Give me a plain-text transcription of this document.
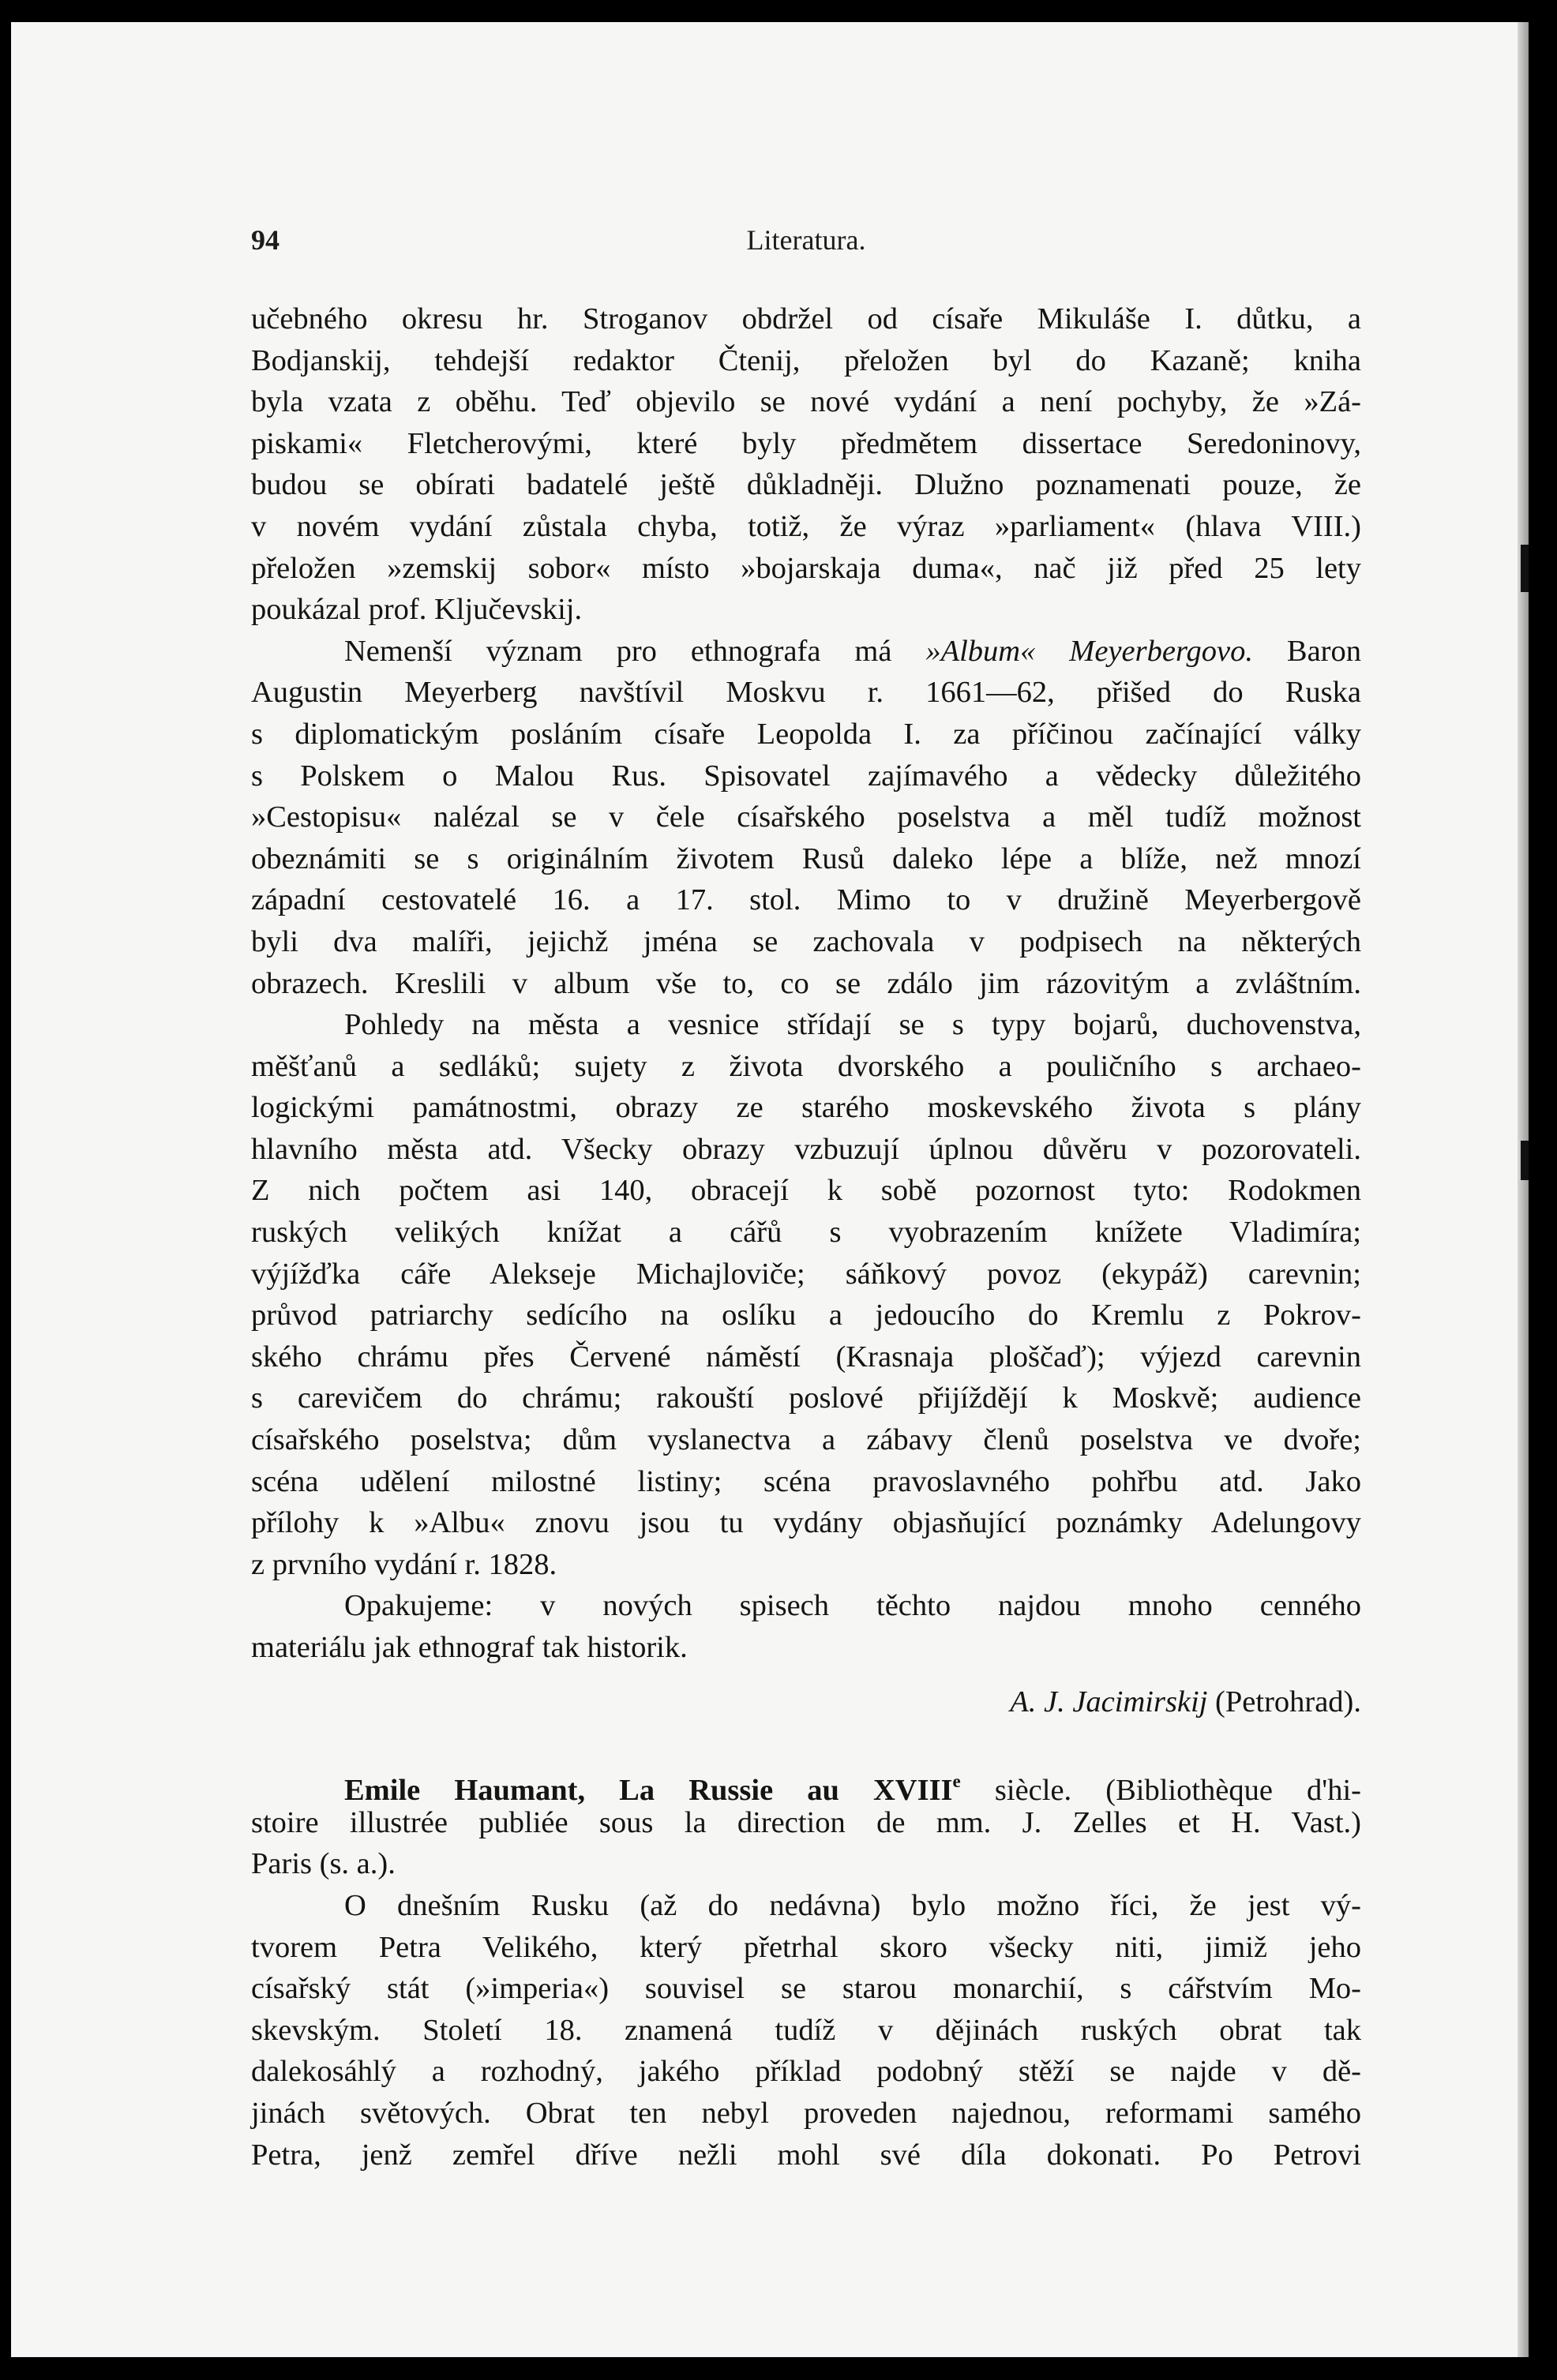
94	Literatura.
učebného okresu hr. Stroganov obdržel od císaře Mikuláše I. důtku, a
Bodjanskij, tehdejší redaktor Čtenij, přeložen byl do Kazaně; kniha
byla vzata z oběhu. Teď objevilo se nové vydání a není pochyby, že »Zá-
piskami« Fletcherovými, které byly předmětem dissertace Seredoninovy,
budou se obírati badatelé ještě důkladněji. Dlužno poznamenati pouze, že
v novém vydání zůstala chyba, totiž, že výraz »parliament« (hlava VIII.)
přeložen »zemskij sobor« místo »bojarskaja duma«, nač již před 25 lety
poukázal prof. Ključevskij.
Nemenší význam pro ethnografa má »Album« Meyerbergovo. Baron
Augustin Meyerberg navštívil Moskvu r. 1661—62, přišed do Ruska
s diplomatickým posláním císaře Leopolda I. za příčinou začínající války
s Polskem o Malou Rus. Spisovatel zajímavého a vědecky důležitého
»Cestopisu« nalézal se v čele císařského poselstva a měl tudíž možnost
obeznámiti se s originálním životem Rusů daleko lépe a blíže, než mnozí
západní cestovatelé 16. a 17. stol. Mimo to v družině Meyerbergově
byli dva malíři, jejichž jména se zachovala v podpisech na některých
obrazech. Kreslili v album vše to, co se zdálo jim rázovitým a zvláštním.
Pohledy na města a vesnice střídají se s typy bojarů, duchovenstva,
měšťanů a sedláků; sujety z života dvorského a pouličního s archaeo-
logickými památnostmi, obrazy ze starého moskevského života s plány
hlavního města atd. Všecky obrazy vzbuzují úplnou důvěru v pozorovateli.
Z nich počtem asi 140, obracejí k sobě pozornost tyto: Rodokmen
ruských velikých knížat a cářů s vyobrazením knížete Vladimíra;
výjížďka cáře Alekseje Michajloviče; sáňkový povoz (ekypáž) carevnin;
průvod patriarchy sedícího na oslíku a jedoucího do Kremlu z Pokrov-
ského chrámu přes Červené náměstí (Krasnaja ploščaď); výjezd carevnin
s carevičem do chrámu; rakouští poslové přijíždějí k Moskvě; audience
císařského poselstva; dům vyslanectva a zábavy členů poselstva ve dvoře;
scéna udělení milostné listiny; scéna pravoslavného pohřbu atd. Jako
přílohy k »Albu« znovu jsou tu vydány objasňující poznámky Adelungovy
z prvního vydání r. 1828.
Opakujeme: v nových spisech těchto najdou mnoho cenného
materiálu jak ethnograf tak historik.
A. J. Jacimirskij (Petrohrad).
Emile Haumant, La Russie au XVIIIe siècle. (Bibliothèque d'hi-
stoire illustrée publiée sous la direction de mm. J. Zelles et H. Vast.)
Paris (s. a.).
O dnešním Rusku (až do nedávna) bylo možno říci, že jest vý-
tvorem Petra Velikého, který přetrhal skoro všecky niti, jimiž jeho
císařský stát (»imperia«) souvisel se starou monarchií, s cářstvím Mo-
skevským. Století 18. znamená tudíž v dějinách ruských obrat tak
dalekosáhlý a rozhodný, jakého příklad podobný stěží se najde v dě-
jinách světových. Obrat ten nebyl proveden najednou, reformami samého
Petra, jenž zemřel dříve nežli mohl své díla dokonati. Po Petrovi
